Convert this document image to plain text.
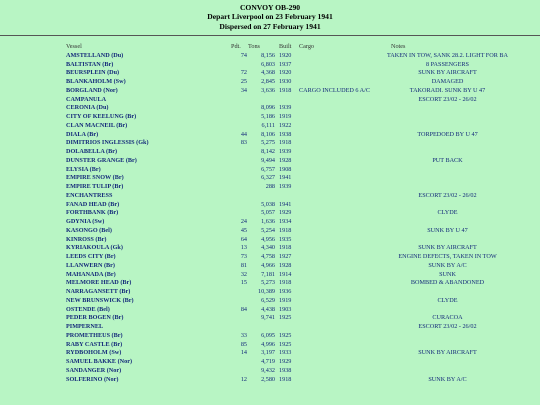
CONVOY OB-290
Depart Liverpool on 23 February 1941
Dispersed on 27 February 1941
Vessel	Pdt.	Tons	Built	Cargo	Notes
AMSTELLAND (Du)	74	8,156	1920		TAKEN IN TOW, SANK 28.2. LIGHT FOR BA
BALTISTAN (Br)		6,803	1937		8 PASSENGERS
BEURSPLEIN (Du)	72	4,368	1920		SUNK BY AIRCRAFT
BLANKAHOLM (Sw)	25	2,845	1930		DAMAGED
BORGLAND (Nor)	34	3,636	1918	CARGO INCLUDED 6 A/C	TAKORADI. SUNK BY U 47
CAMPANULA					ESCORT 23/02 - 26/02
CERONIA (Du)		8,096	1939		
CITY OF KEELUNG (Br)		5,186	1919		
CLAN MACNEIL (Br)		6,111	1922		
DIALA (Br)	44	8,106	1938		TORPEDOED BY U 47
DIMITRIOS INGLESSIS (Gk)	83	5,275	1918		
DOLABELLA (Br)		8,142	1939		
DUNSTER GRANGE (Br)		9,494	1928		PUT BACK
ELYSIA (Br)		6,757	1908		
EMPIRE SNOW (Br)		6,327	1941		
EMPIRE TULIP (Br)		288	1939		
ENCHANTRESS					ESCORT 23/02 - 26/02
FANAD HEAD (Br)		5,038	1941		
FORTHBANK (Br)		5,057	1929		CLYDE
GDYNIA (Sw)	24	1,636	1934		
KASONGO (Bel)	45	5,254	1918		SUNK BY U 47
KINROSS (Br)	64	4,956	1935		
KYRIAKOULA (Gk)	13	4,340	1918		SUNK BY AIRCRAFT
LEEDS CITY (Br)	73	4,758	1927		ENGINE DEFECTS, TAKEN IN TOW
LLANWERN (Br)	81	4,966	1928		SUNK BY A/C
MAHANADA (Br)	32	7,181	1914		SUNK
MELMORE HEAD (Br)	15	5,273	1918		BOMBED & ABANDONED
NARRAGANSETT (Br)		10,389	1936		
NEW BRUNSWICK (Br)		6,529	1919		CLYDE
OSTENDE (Bel)	84	4,438	1903		
PEDER BOGEN (Br)		9,741	1925		CURACOA
PIMPERNEL					ESCORT 23/02 - 26/02
PROMETHEUS (Br)	33	6,095	1925		
RABY CASTLE (Br)	85	4,996	1925		
RYDBOHOLM (Sw)	14	3,197	1933		SUNK BY AIRCRAFT
SAMUEL BAKKE (Nor)		4,719	1929		
SANDANGER (Nor)		9,432	1938		
SOLFERINO (Nor)	12	2,580	1918		SUNK BY A/C
